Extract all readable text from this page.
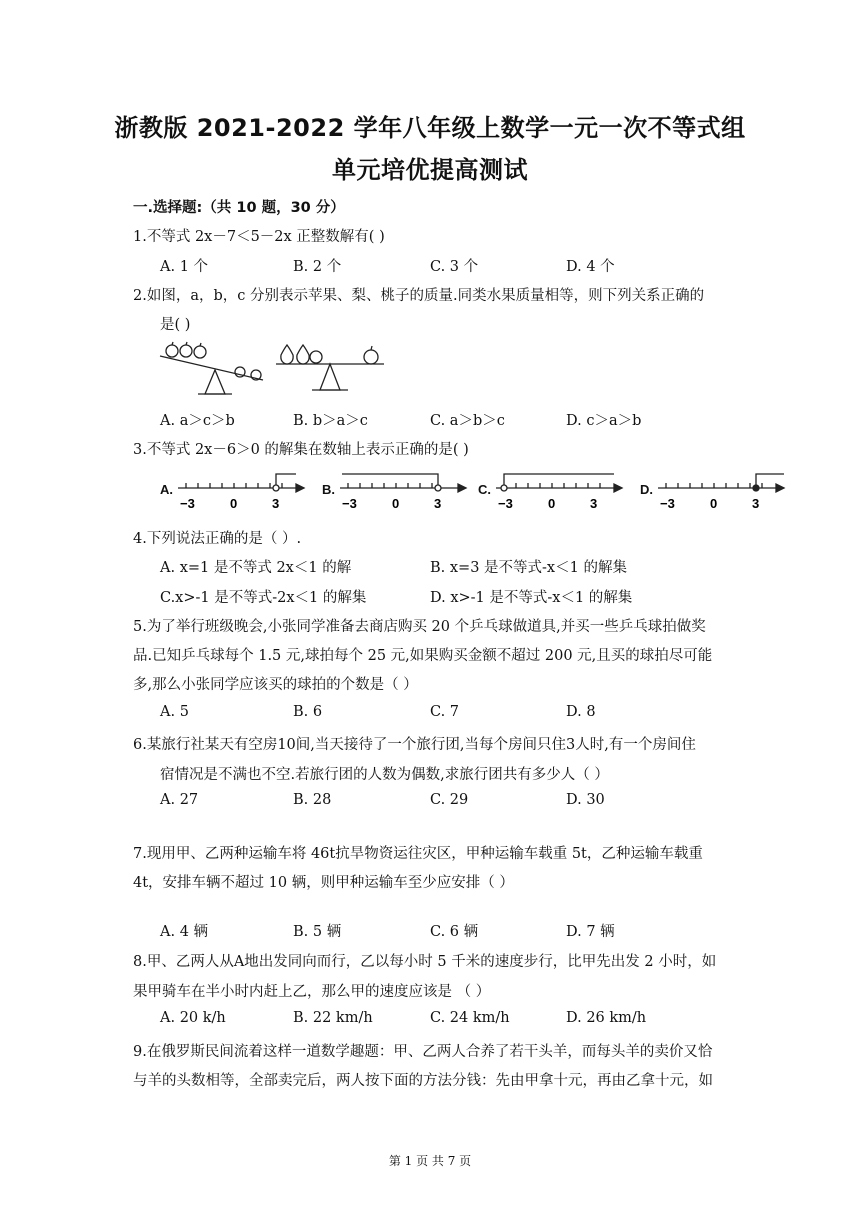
浙教版 2021-2022 学年八年级上数学一元一次不等式组
单元培优提高测试
一.选择题:（共 10 题，30 分）
1.不等式 2x－7＜5－2x 正整数解有( )
A. 1 个	B. 2 个	C. 3 个	D. 4 个
2.如图，a，b，c 分别表示苹果、梨、桃子的质量.同类水果质量相等，则下列关系正确的
是( )
A. a＞c＞b	B. b＞a＞c	C. a＞b＞c	D. c＞a＞b
3.不等式 2x－6＞0 的解集在数轴上表示正确的是( )
A.
−3	0	3
B.
−3	0	3
C.
−3	0	3
D.
−3	0	3
4.下列说法正确的是（ ）.
A. x=1 是不等式 2x＜1 的解	B. x=3 是不等式-x＜1 的解集
C.x>-1 是不等式-2x＜1 的解集	D. x>-1 是不等式-x＜1 的解集
5.为了举行班级晚会,小张同学准备去商店购买 20 个乒乓球做道具,并买一些乒乓球拍做奖
品.已知乒乓球每个 1.5 元,球拍每个 25 元,如果购买金额不超过 200 元,且买的球拍尽可能
多,那么小张同学应该买的球拍的个数是（ ）
A. 5	B. 6	C. 7	D. 8
6.某旅行社某天有空房10间,当天接待了一个旅行团,当每个房间只住3人时,有一个房间住
宿情况是不满也不空.若旅行团的人数为偶数,求旅行团共有多少人（ ）
A. 27	B. 28	C. 29	D. 30
7.现用甲、乙两种运输车将 46t抗旱物资运往灾区，甲种运输车载重 5t，乙种运输车载重
4t，安排车辆不超过 10 辆，则甲种运输车至少应安排（ ）
A. 4 辆	B. 5 辆	C. 6 辆	D. 7 辆
8.甲、乙两人从A地出发同向而行，乙以每小时 5 千米的速度步行，比甲先出发 2 小时，如
果甲骑车在半小时内赶上乙，那么甲的速度应该是 （ ）
A. 20 k/h	B. 22 km/h	C. 24 km/h	D. 26 km/h
9.在俄罗斯民间流着这样一道数学趣题：甲、乙两人合养了若干头羊，而每头羊的卖价又恰
与羊的头数相等，全部卖完后，两人按下面的方法分钱：先由甲拿十元，再由乙拿十元，如
第 1 页 共 7 页
